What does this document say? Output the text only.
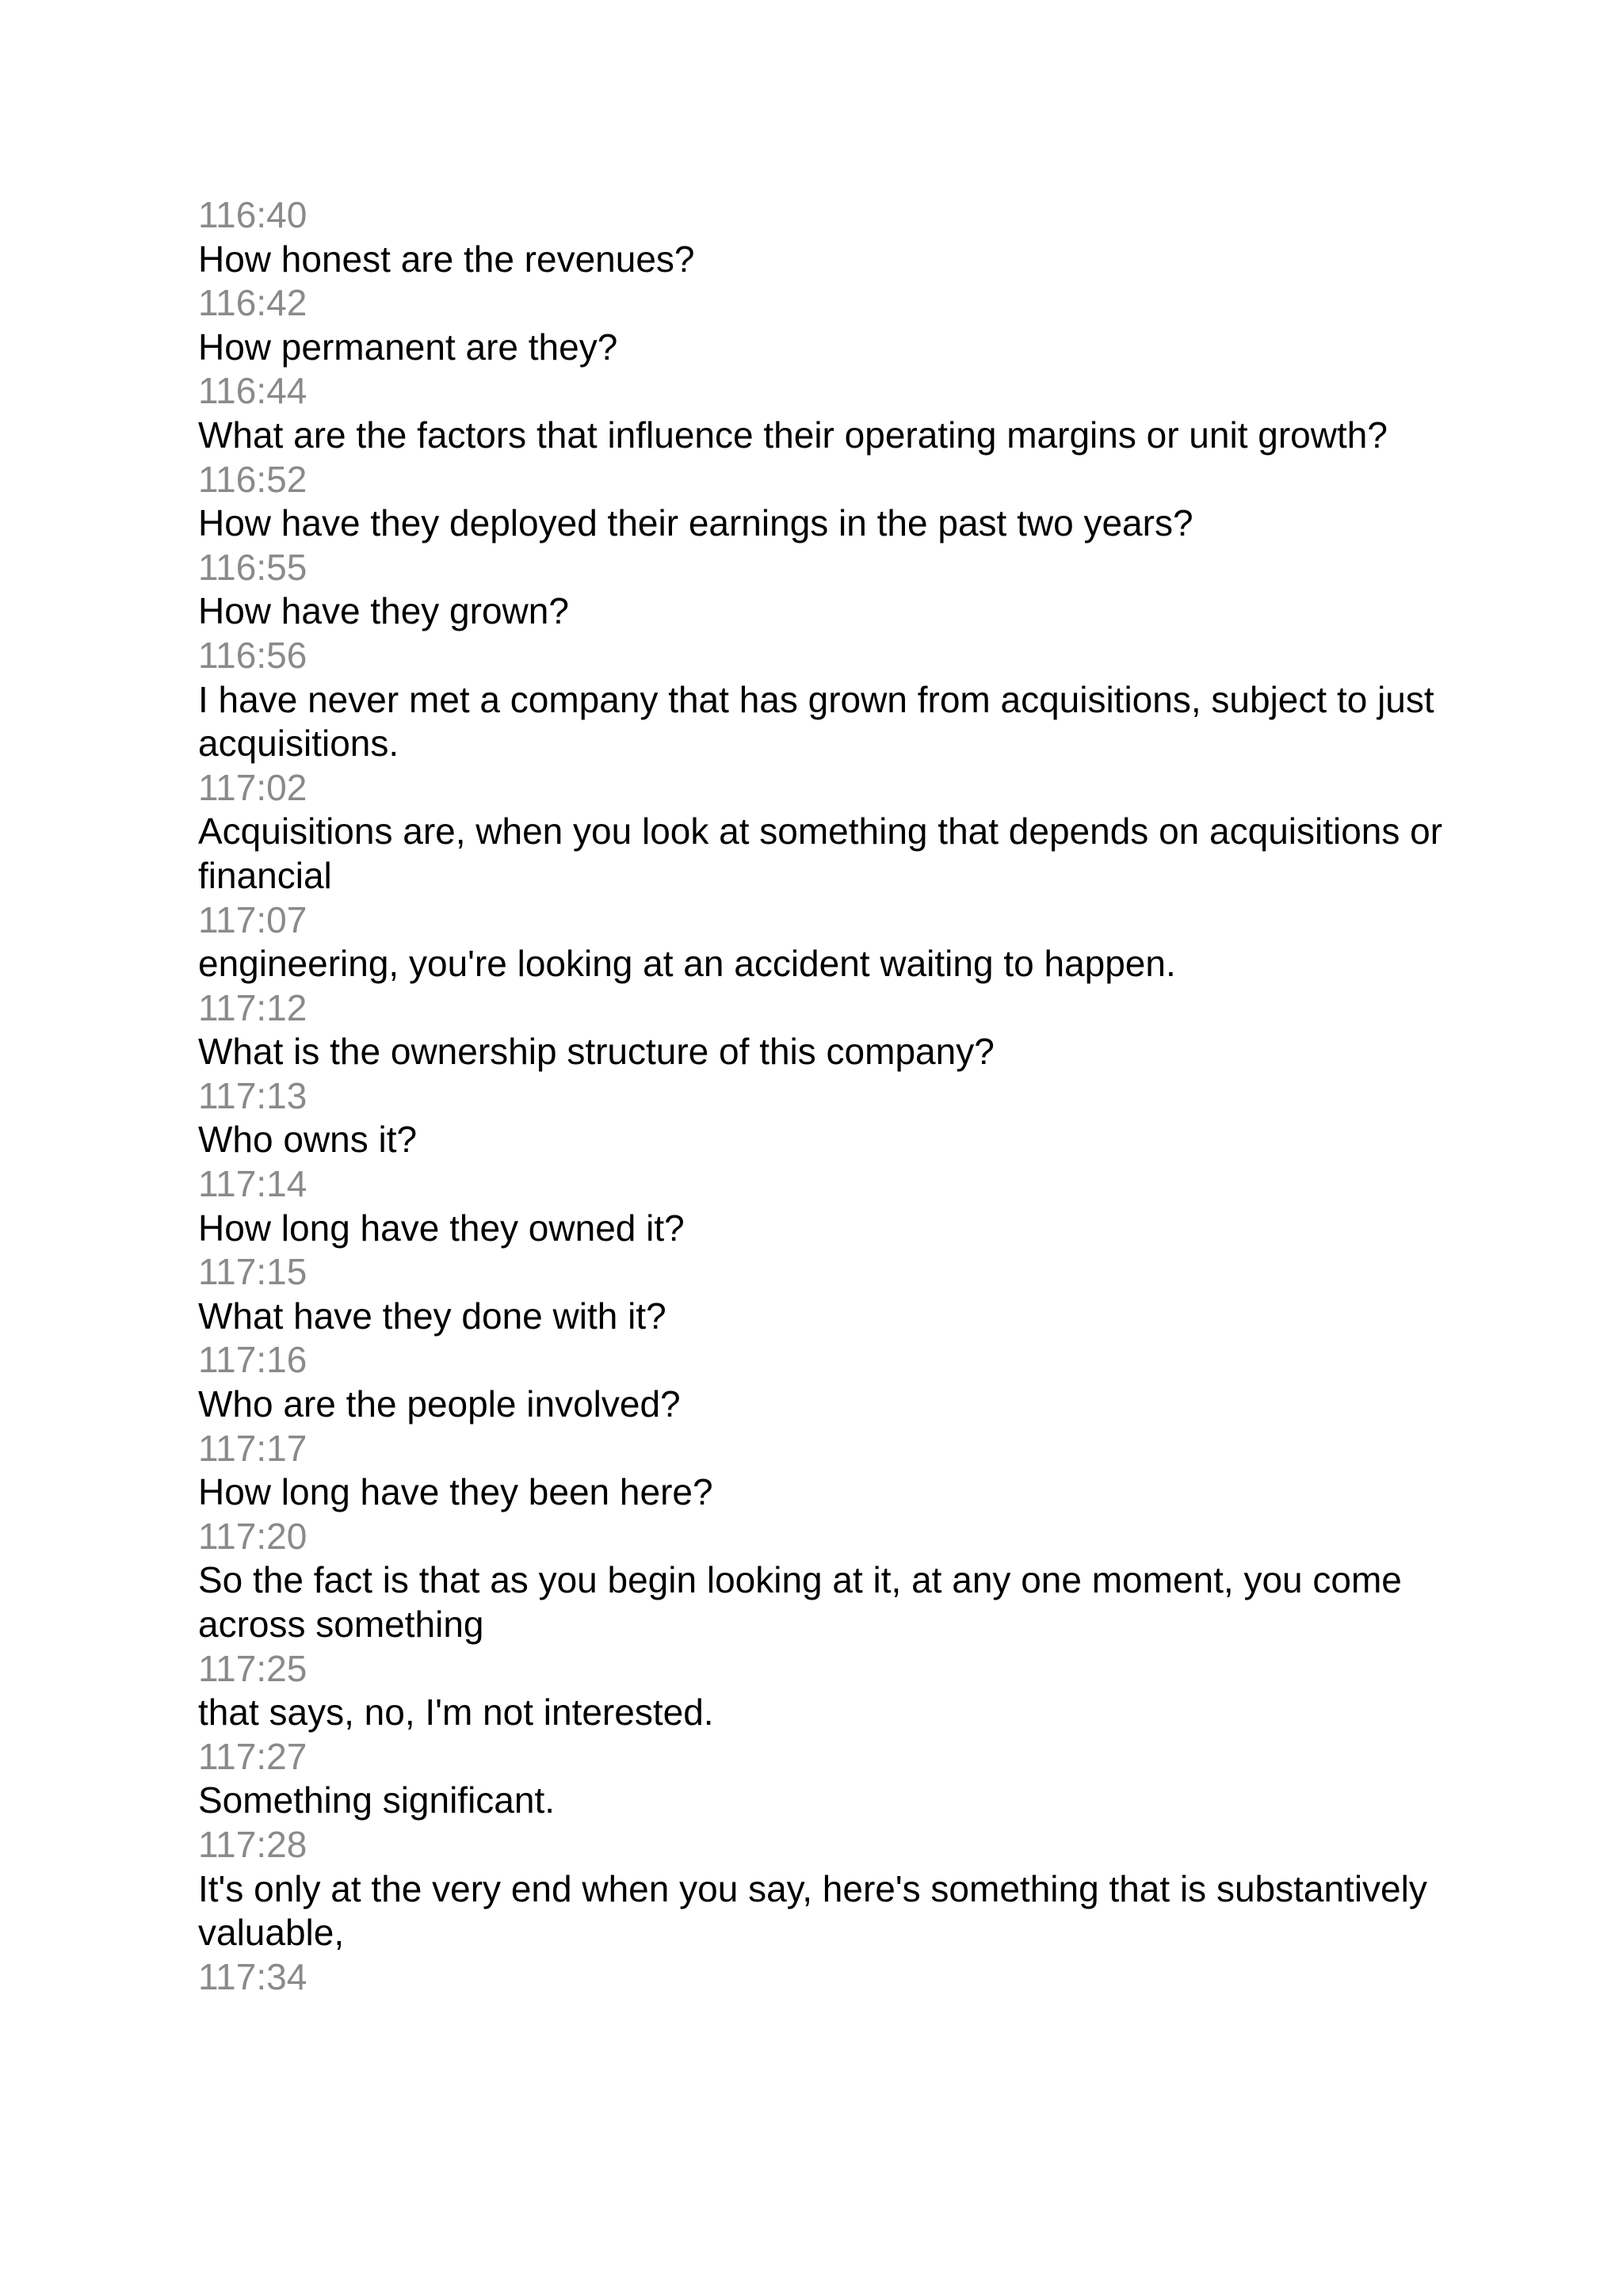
116:40
How honest are the revenues?
116:42
How permanent are they?
116:44
What are the factors that influence their operating margins or unit growth?
116:52
How have they deployed their earnings in the past two years?
116:55
How have they grown?
116:56
I have never met a company that has grown from acquisitions, subject to just acquisitions.
117:02
Acquisitions are, when you look at something that depends on acquisitions or financial
117:07
engineering, you're looking at an accident waiting to happen.
117:12
What is the ownership structure of this company?
117:13
Who owns it?
117:14
How long have they owned it?
117:15
What have they done with it?
117:16
Who are the people involved?
117:17
How long have they been here?
117:20
So the fact is that as you begin looking at it, at any one moment, you come across something
117:25
that says, no, I'm not interested.
117:27
Something significant.
117:28
It's only at the very end when you say, here's something that is substantively valuable,
117:34
